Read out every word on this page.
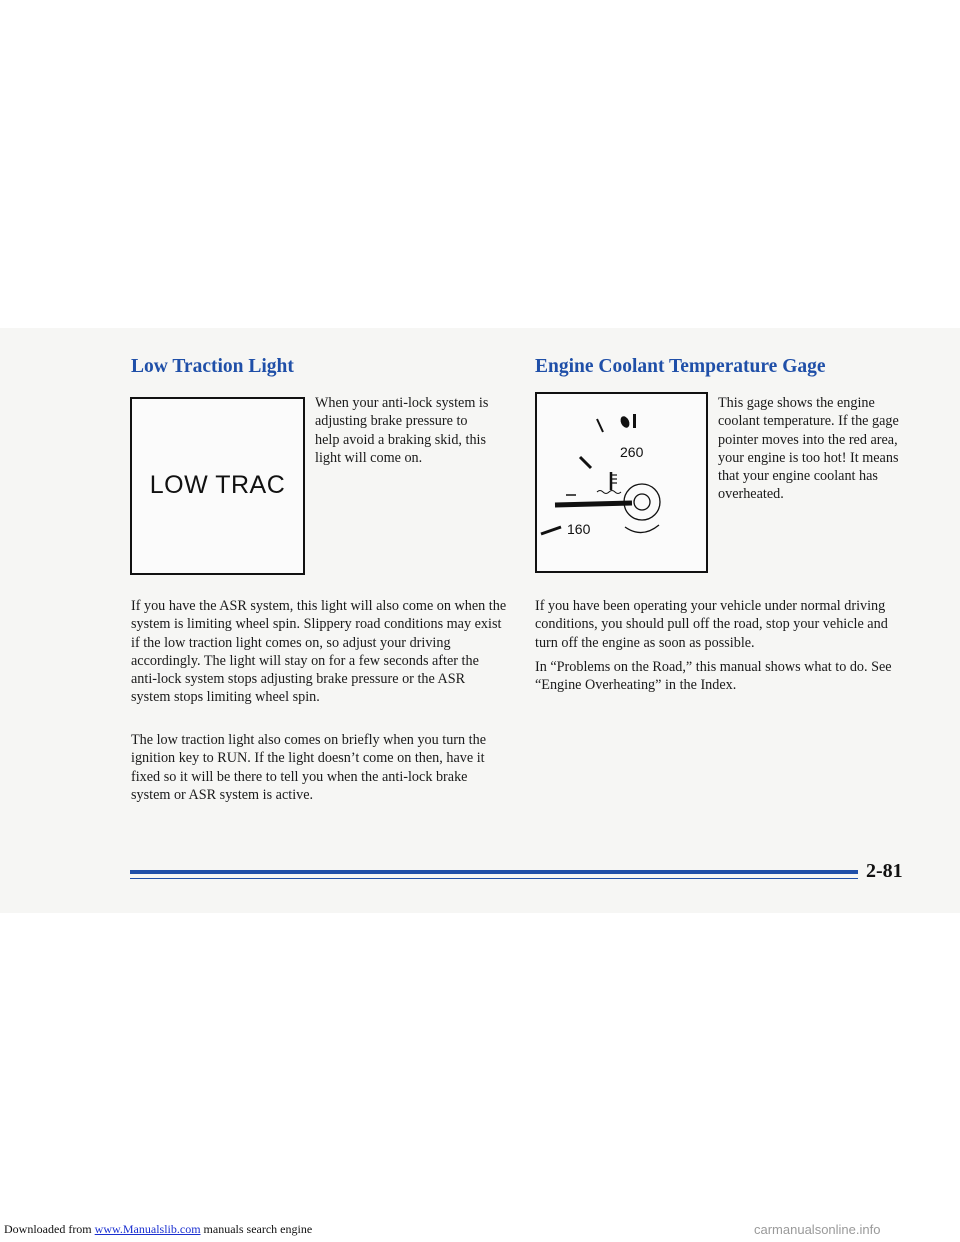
Low Traction Light
LOW TRAC

When your anti-lock system is adjusting brake pressure to help avoid a braking skid, this light will come on.

If you have the ASR system, this light will also come on when the system is limiting wheel spin. Slippery road conditions may exist if the low traction light comes on, so adjust your driving accordingly. The light will stay on for a few seconds after the anti-lock system stops adjusting brake pressure or the ASR system stops limiting wheel spin.

The low traction light also comes on briefly when you turn the ignition key to RUN. If the light doesn’t come on then, have it fixed so it will be there to tell you when the anti-lock brake system or ASR system is active.

Engine Coolant Temperature Gage
260
160

This gage shows the engine coolant temperature. If the gage pointer moves into the red area, your engine is too hot! It means that your engine coolant has overheated.

If you have been operating your vehicle under normal driving conditions, you should pull off the road, stop your vehicle and turn off the engine as soon as possible.

In “Problems on the Road,” this manual shows what to do. See “Engine Overheating” in the Index.

2-81
Downloaded from www.Manualslib.com manuals search engine	carmanualsonline.info
